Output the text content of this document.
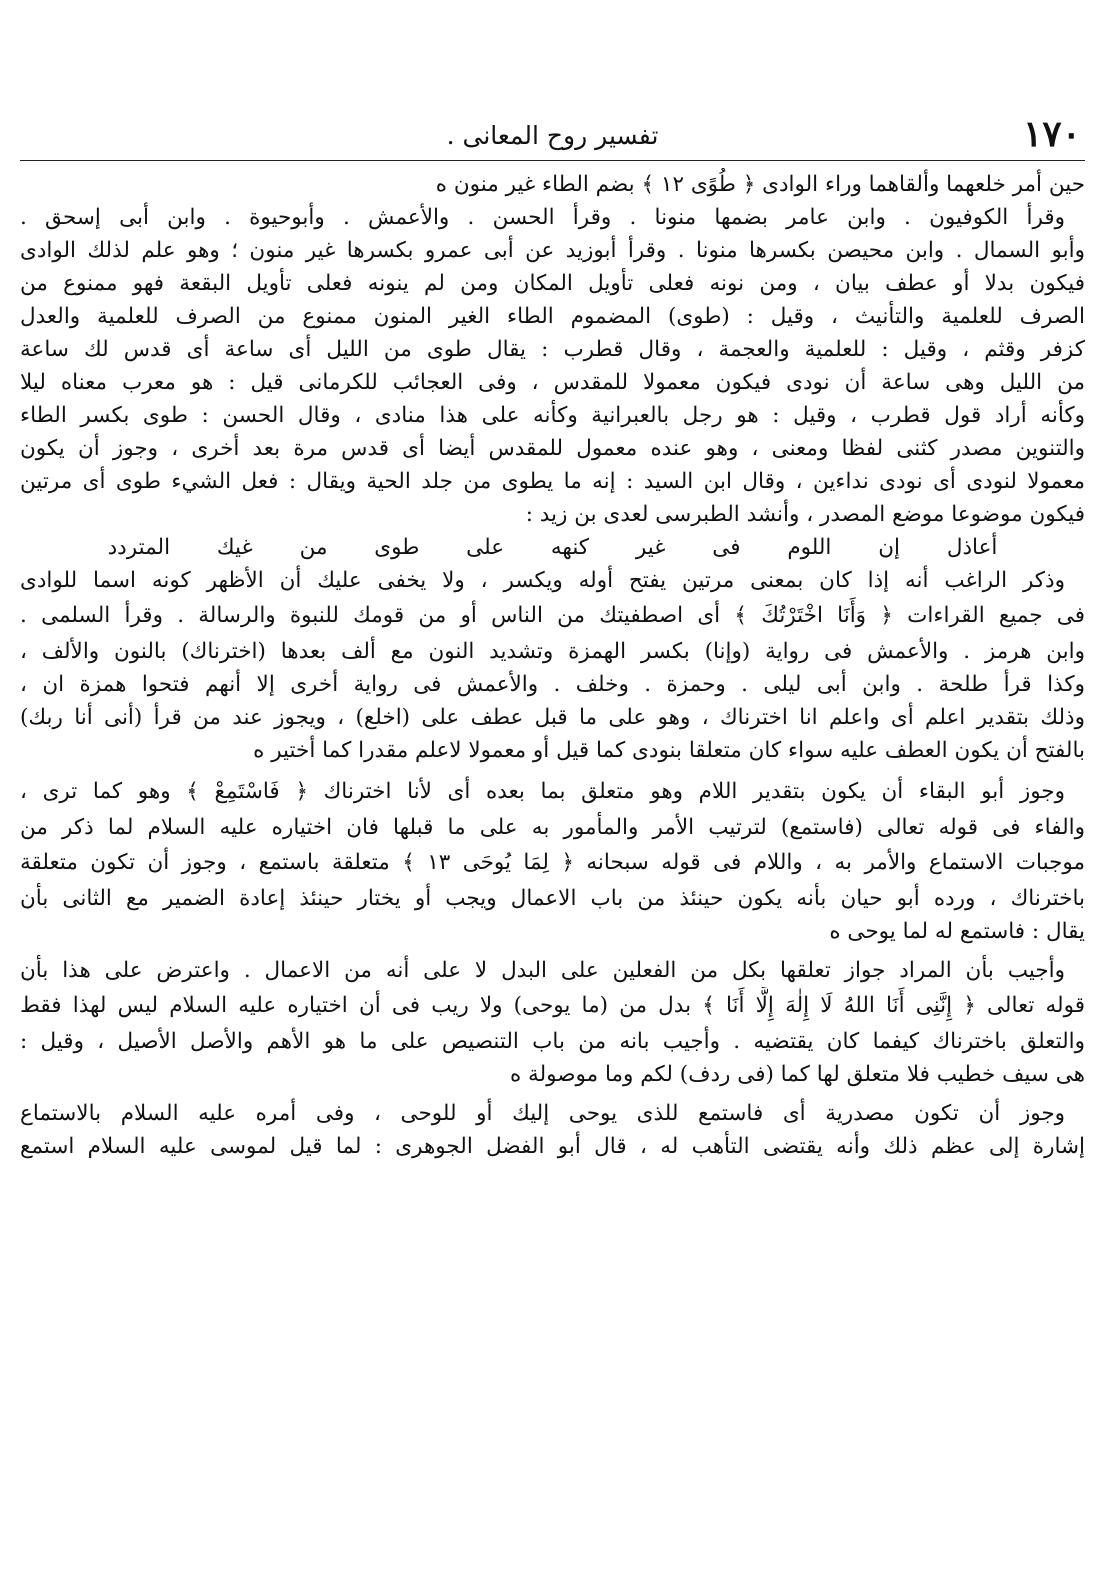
١٧٠
تفسير روح المعانى .
حين أمر خلعهما وألقاهما وراء الوادى ﴿ طُوًى ١٢ ﴾ بضم الطاء غير منون ه
وقرأ الكوفيون . وابن عامر بضمها منونا . وقرأ الحسن . والأعمش . وأبوحيوة . وابن أبى إسحق .
وأبو السمال . وابن محيصن بكسرها منونا . وقرأ أبوزيد عن أبى عمرو بكسرها غير منون ؛ وهو علم لذلك الوادى
فيكون بدلا أو عطف بيان ، ومن نونه فعلى تأويل المكان ومن لم ينونه فعلى تأويل البقعة فهو ممنوع من
الصرف للعلمية والتأنيث ، وقيل : (طوى) المضموم الطاء الغير المنون ممنوع من الصرف للعلمية والعدل
كزفر وقثم ، وقيل : للعلمية والعجمة ، وقال قطرب : يقال طوى من الليل أى ساعة أى قدس لك ساعة
من الليل وهى ساعة أن نودى فيكون معمولا للمقدس ، وفى العجائب للكرمانى قيل : هو معرب معناه ليلا
وكأنه أراد قول قطرب ، وقيل : هو رجل بالعبرانية وكأنه على هذا منادى ، وقال الحسن : طوى بكسر الطاء
والتنوين مصدر كثنى لفظا ومعنى ، وهو عنده معمول للمقدس أيضا أى قدس مرة بعد أخرى ، وجوز أن يكون
معمولا لنودى أى نودى نداءين ، وقال ابن السيد : إنه ما يطوى من جلد الحية ويقال : فعل الشيء طوى أى مرتين
فيكون موضوعا موضع المصدر ، وأنشد الطبرسى لعدى بن زيد :
أعاذل إن اللوم فى غير كنهه على طوى من غيك المتردد
وذكر الراغب أنه إذا كان بمعنى مرتين يفتح أوله ويكسر ، ولا يخفى عليك أن الأظهر كونه اسما للوادى
فى جميع القراءات ﴿ وَأَنَا اخْتَرْتُكَ ﴾ أى اصطفيتك من الناس أو من قومك للنبوة والرسالة . وقرأ السلمى .
وابن هرمز . والأعمش فى رواية (وإنا) بكسر الهمزة وتشديد النون مع ألف بعدها (اخترناك) بالنون والألف ،
وكذا قرأ طلحة . وابن أبى ليلى . وحمزة . وخلف . والأعمش فى رواية أخرى إلا أنهم فتحوا همزة ان ،
وذلك بتقدير اعلم أى واعلم انا اخترناك ، وهو على ما قبل عطف على (اخلع) ، ويجوز عند من قرأ (أنى أنا ربك)
بالفتح أن يكون العطف عليه سواء كان متعلقا بنودى كما قيل أو معمولا لاعلم مقدرا كما أختير ه
وجوز أبو البقاء أن يكون بتقدير اللام وهو متعلق بما بعده أى لأنا اخترناك ﴿ فَاسْتَمِعْ ﴾ وهو كما ترى ،
والفاء فى قوله تعالى (فاستمع) لترتيب الأمر والمأمور به على ما قبلها فان اختياره عليه السلام لما ذكر من
موجبات الاستماع والأمر به ، واللام فى قوله سبحانه ﴿ لِمَا يُوحَى ١٣ ﴾ متعلقة باستمع ، وجوز أن تكون متعلقة
باخترناك ، ورده أبو حيان بأنه يكون حينئذ من باب الاعمال ويجب أو يختار حينئذ إعادة الضمير مع الثانى بأن
يقال : فاستمع له لما يوحى ه
وأجيب بأن المراد جواز تعلقها بكل من الفعلين على البدل لا على أنه من الاعمال . واعترض على هذا بأن
قوله تعالى ﴿ إِنَّنِى أَنَا اللهُ لَا إِلٰهَ إِلَّا أَنَا ﴾ بدل من (ما يوحى) ولا ريب فى أن اختياره عليه السلام ليس لهذا فقط
والتعلق باخترناك كيفما كان يقتضيه . وأجيب بانه من باب التنصيص على ما هو الأهم والأصل الأصيل ، وقيل :
هى سيف خطيب فلا متعلق لها كما (فى ردف) لكم وما موصولة ه
وجوز أن تكون مصدرية أى فاستمع للذى يوحى إليك أو للوحى ، وفى أمره عليه السلام بالاستماع
إشارة إلى عظم ذلك وأنه يقتضى التأهب له ، قال أبو الفضل الجوهرى : لما قيل لموسى عليه السلام استمع
